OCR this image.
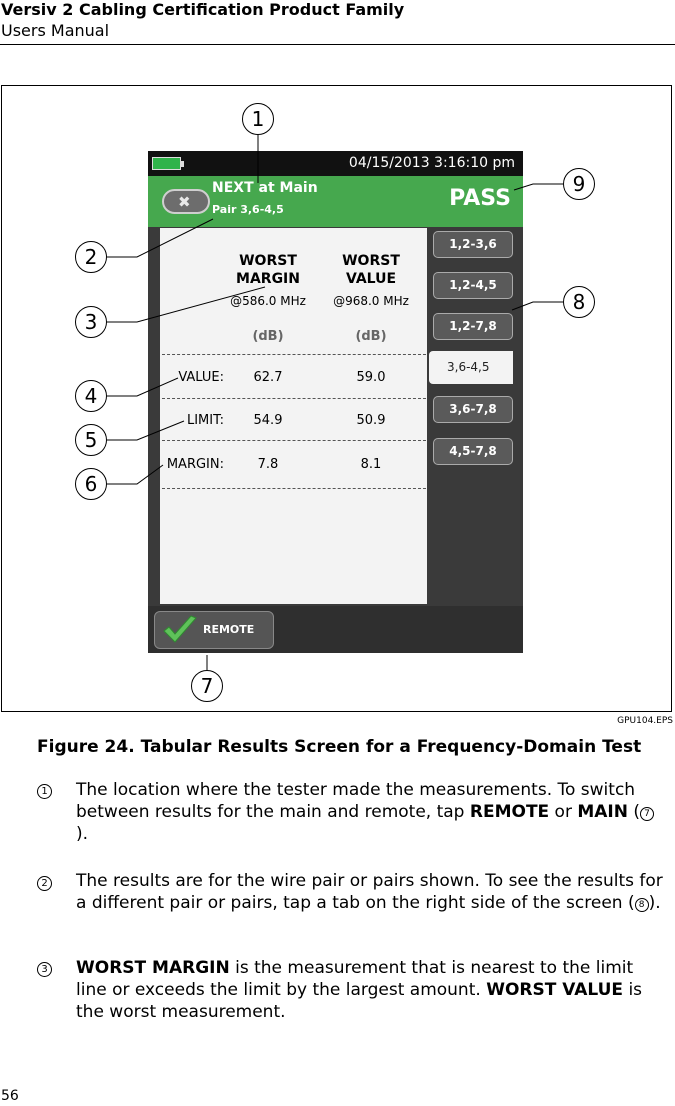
Versiv 2 Cabling Certification Product Family
Users Manual
04/15/2013 3:16:10 pm
✖
NEXT at Main
Pair 3,6-4,5	PASS
WORST
MARGIN
WORST
VALUE
@586.0 MHz	@968.0 MHz
(dB)	(dB)
VALUE:	62.7	59.0
LIMIT:	54.9	50.9
MARGIN:	7.8	8.1
1,2-3,6
1,2-4,5
1,2-7,8
3,6-4,5
3,6-7,8
4,5-7,8
REMOTE
1
2
3
4
5
6
7
8
9
GPU104.EPS
Figure 24. Tabular Results Screen for a Frequency-Domain Test
1 The location where the tester made the measurements. To switch between results for the main and remote, tap REMOTE or MAIN ( 7).
2 The results are for the wire pair or pairs shown. To see the results for a different pair or pairs, tap a tab on the right side of the screen ( 8 ).
3 WORST MARGIN is the measurement that is nearest to the limit line or exceeds the limit by the largest amount. WORST VALUE is the worst measurement.
56
